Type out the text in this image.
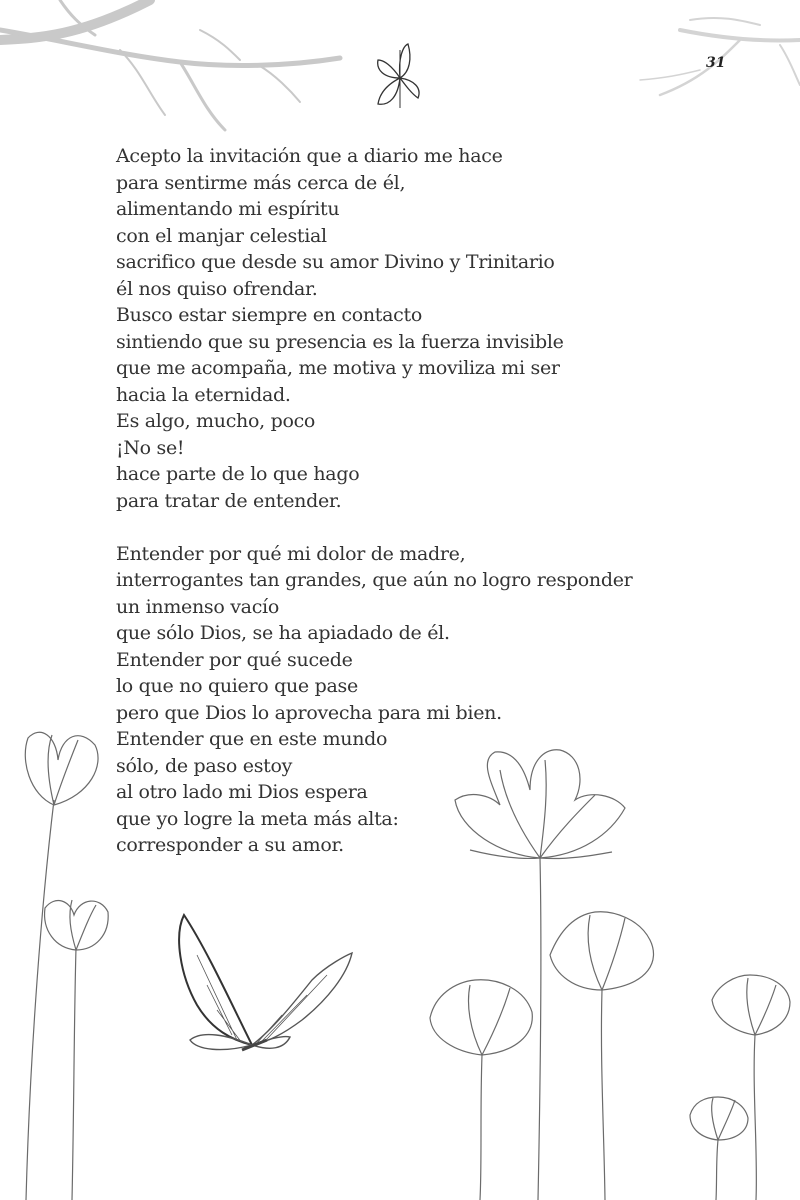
31
Acepto la invitación que a diario me hace
para sentirme más cerca de él,
alimentando mi espíritu
con el manjar celestial
sacrifico que desde su amor Divino y Trinitario
él nos quiso ofrendar.
Busco estar siempre en contacto
sintiendo que su presencia es la fuerza invisible
que me acompaña, me motiva y moviliza mi ser
hacia la eternidad.
Es algo, mucho, poco
¡No se!
hace parte de lo que hago
para tratar de entender.
Entender por qué mi dolor de madre,
interrogantes tan grandes, que aún no logro responder
un inmenso vacío
que sólo Dios, se ha apiadado de él.
Entender por qué sucede
lo que no quiero que pase
pero que Dios lo aprovecha para mi bien.
Entender que en este mundo
sólo, de paso estoy
al otro lado mi Dios espera
que yo logre la meta más alta:
corresponder a su amor.
